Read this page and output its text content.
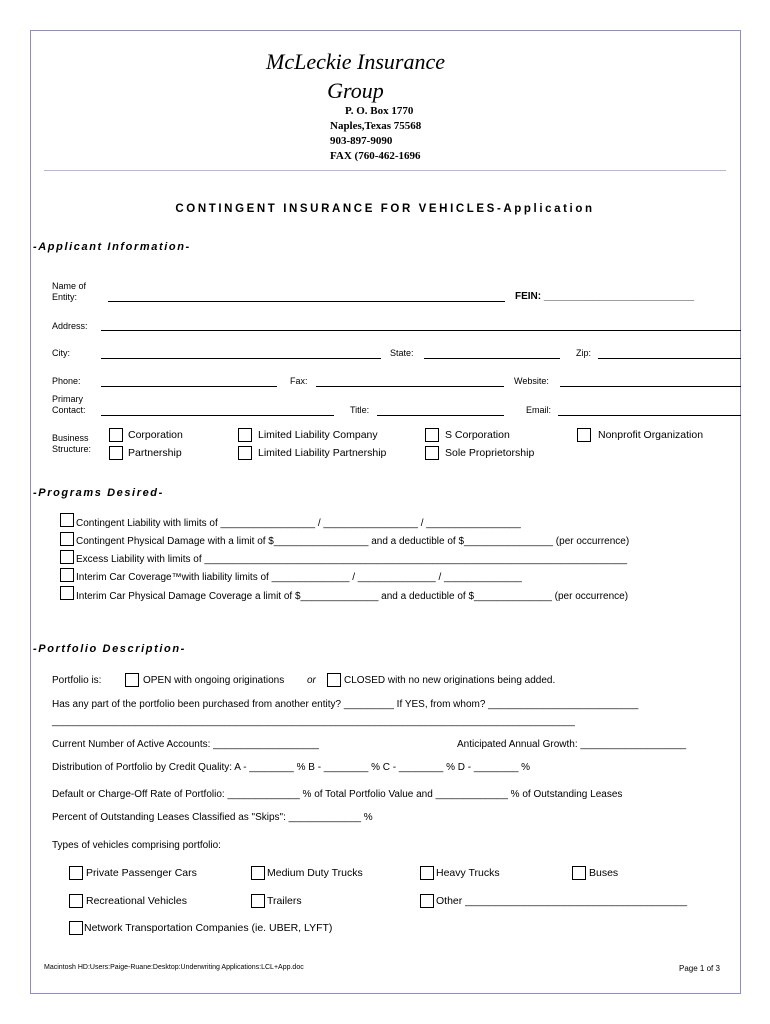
McLeckie Insurance
Group
P. O. Box 1770
Naples,Texas 75568
903-897-9090
FAX (760-462-1696
CONTINGENT INSURANCE FOR VEHICLES-Application
-Applicant Information-
Name of Entity:	FEIN: ___________________________
Address:
City:	State:	Zip:
Phone:	Fax:	Website:
Primary Contact:	Title:	Email:
Business Structure:
Corporation	Limited Liability Company	S Corporation	Nonprofit Organization
Partnership	Limited Liability Partnership	Sole Proprietorship
-Programs Desired-
Contingent Liability with limits of _________________ / _________________ / _________________
Contingent Physical Damage with a limit of $_________________ and a deductible of $________________ (per occurrence)
Excess Liability with limits of ____________________________________________________________________________
Interim Car Coverage™with liability limits of ______________ / ______________ / ______________
Interim Car Physical Damage Coverage a limit of $______________ and a deductible of $______________ (per occurrence)
-Portfolio Description-
Portfolio is:	OPEN with ongoing originations or	CLOSED with no new originations being added.
Has any part of the portfolio been purchased from another entity? _________ If YES, from whom? ___________________________
______________________________________________________________________________________________
Current Number of Active Accounts: ___________________	Anticipated Annual Growth: ___________________
Distribution of Portfolio by Credit Quality: A - ________ % B - ________ % C - ________ % D - ________ %
Default or Charge-Off Rate of Portfolio: _____________ % of Total Portfolio Value and _____________ % of Outstanding Leases
Percent of Outstanding Leases Classified as "Skips": _____________ %
Types of vehicles comprising portfolio:
Private Passenger Cars	Medium Duty Trucks	Heavy Trucks	Buses
Recreational Vehicles	Trailers	Other ______________________________________
Network Transportation Companies (ie. UBER, LYFT)
Macintosh HD:Users:Paige-Ruane:Desktop:Underwriting Applications:LCL+App.doc	Page 1 of 3
